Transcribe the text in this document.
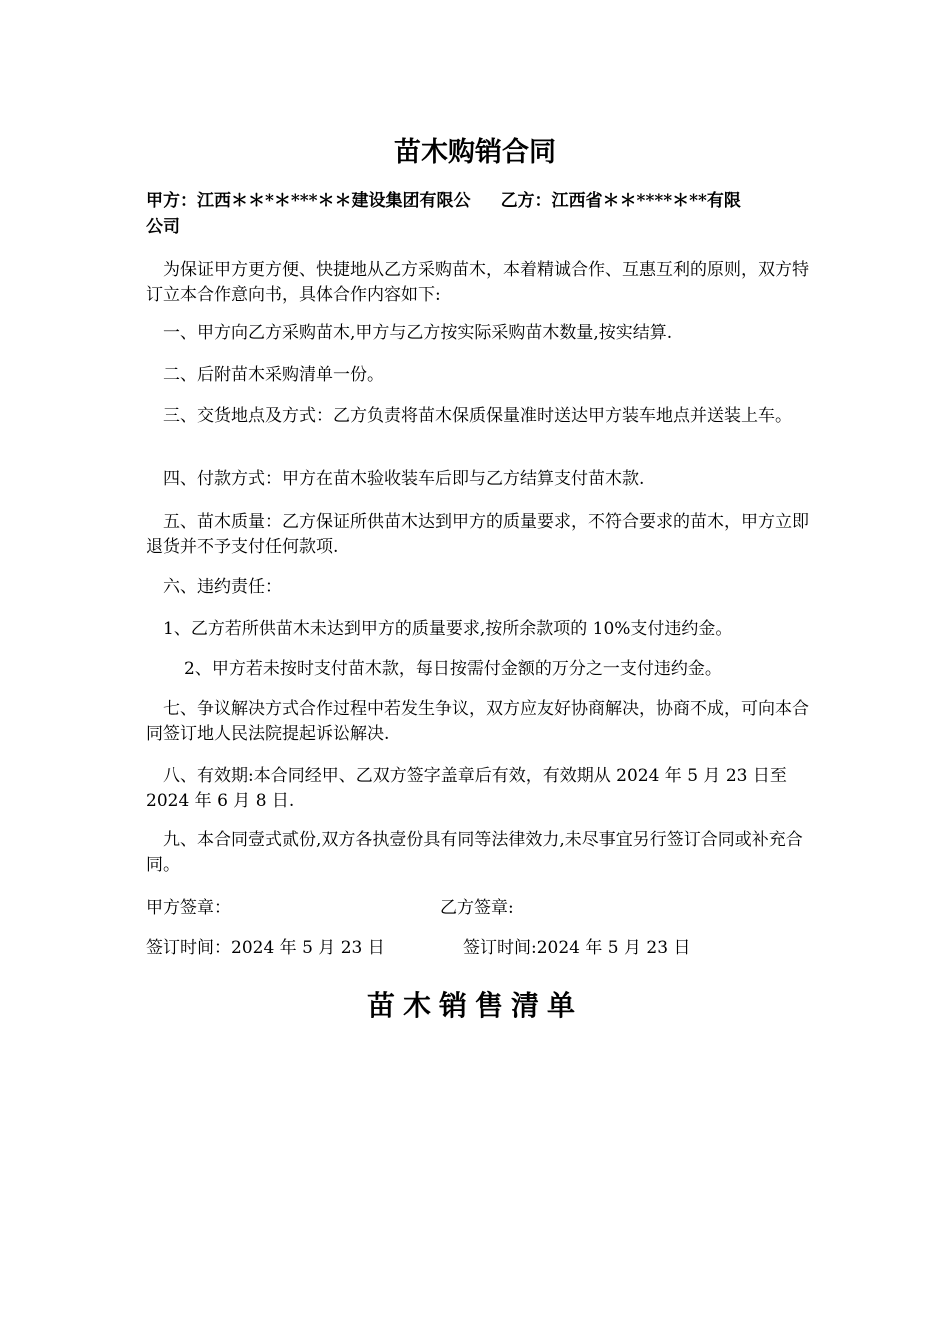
苗木购销合同
甲方：江西＊＊*＊***＊＊建设集团有限公 乙方：江西省＊＊****＊**有限
公司
为保证甲方更方便、快捷地从乙方采购苗木，本着精诚合作、互惠互利的原则，双方特订立本合作意向书，具体合作内容如下:
一、甲方向乙方采购苗木,甲方与乙方按实际采购苗木数量,按实结算.
二、后附苗木采购清单一份。
三、交货地点及方式：乙方负责将苗木保质保量准时送达甲方装车地点并送装上车。
四、付款方式：甲方在苗木验收装车后即与乙方结算支付苗木款.
五、苗木质量：乙方保证所供苗木达到甲方的质量要求，不符合要求的苗木，甲方立即退货并不予支付任何款项.
六、违约责任：
1、乙方若所供苗木未达到甲方的质量要求,按所余款项的 10%支付违约金。
2、甲方若未按时支付苗木款，每日按需付金额的万分之一支付违约金。
七、争议解决方式合作过程中若发生争议，双方应友好协商解决，协商不成，可向本合同签订地人民法院提起诉讼解决.
八、有效期:本合同经甲、乙双方签字盖章后有效，有效期从 2024 年 5 月 23 日至 2024 年 6 月 8 日.
九、本合同壹式贰份,双方各执壹份具有同等法律效力,未尽事宜另行签订合同或补充合同。
甲方签章：	乙方签章:
签订时间：2024 年 5 月 23 日	签订时间:2024 年 5 月 23 日
苗木销售清单
